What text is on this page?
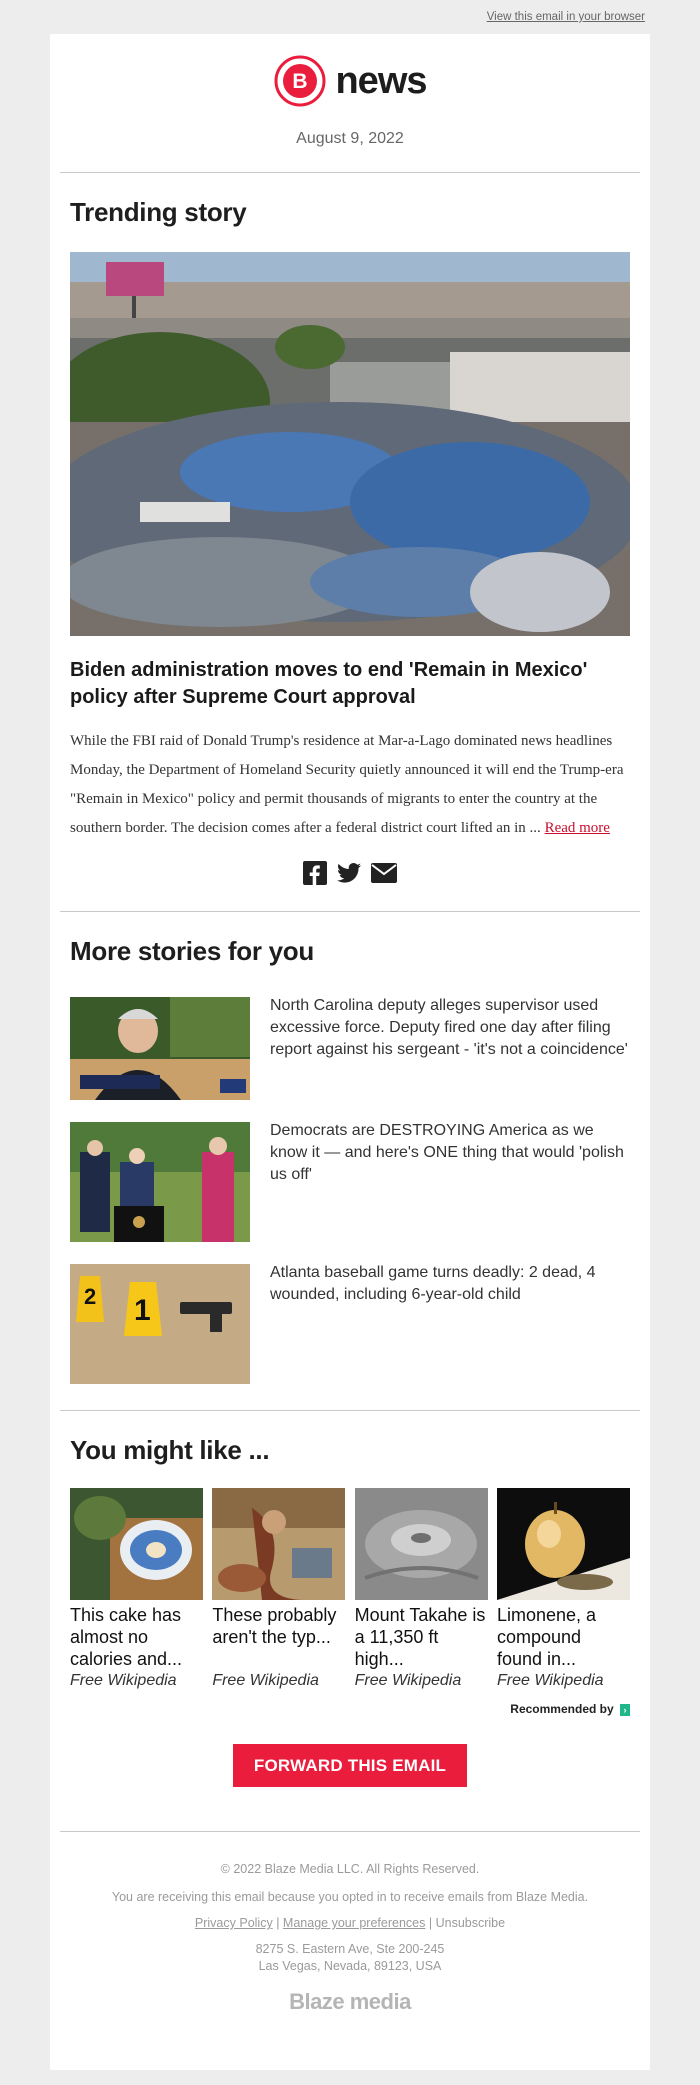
View this email in your browser
B news
August 9, 2022
Trending story
Biden administration moves to end 'Remain in Mexico' policy after Supreme Court approval
While the FBI raid of Donald Trump's residence at Mar-a-Lago dominated news headlines Monday, the Department of Homeland Security quietly announced it will end the Trump-era "Remain in Mexico" policy and permit thousands of migrants to enter the country at the southern border. The decision comes after a federal district court lifted an in ... Read more

More stories for you
North Carolina deputy alleges supervisor used excessive force. Deputy fired one day after filing report against his sergeant - 'it's not a coincidence'
Democrats are DESTROYING America as we know it — and here's ONE thing that would 'polish us off'
2 1
Atlanta baseball game turns deadly: 2 dead, 4 wounded, including 6-year-old child
You might like ...
This cake has almost no calories and...
Free Wikipedia
These probably aren't the typ...
Free Wikipedia
Mount Takahe is a 11,350 ft high...
Free Wikipedia
Limonene, a compound found in...
Free Wikipedia
Recommended by ›
FORWARD THIS EMAIL

© 2022 Blaze Media LLC. All Rights Reserved.

You are receiving this email because you opted in to receive emails from Blaze Media.

Privacy Policy | Manage your preferences | Unsubscribe

8275 S. Eastern Ave, Ste 200-245

Las Vegas, Nevada, 89123, USA

Blaze media
